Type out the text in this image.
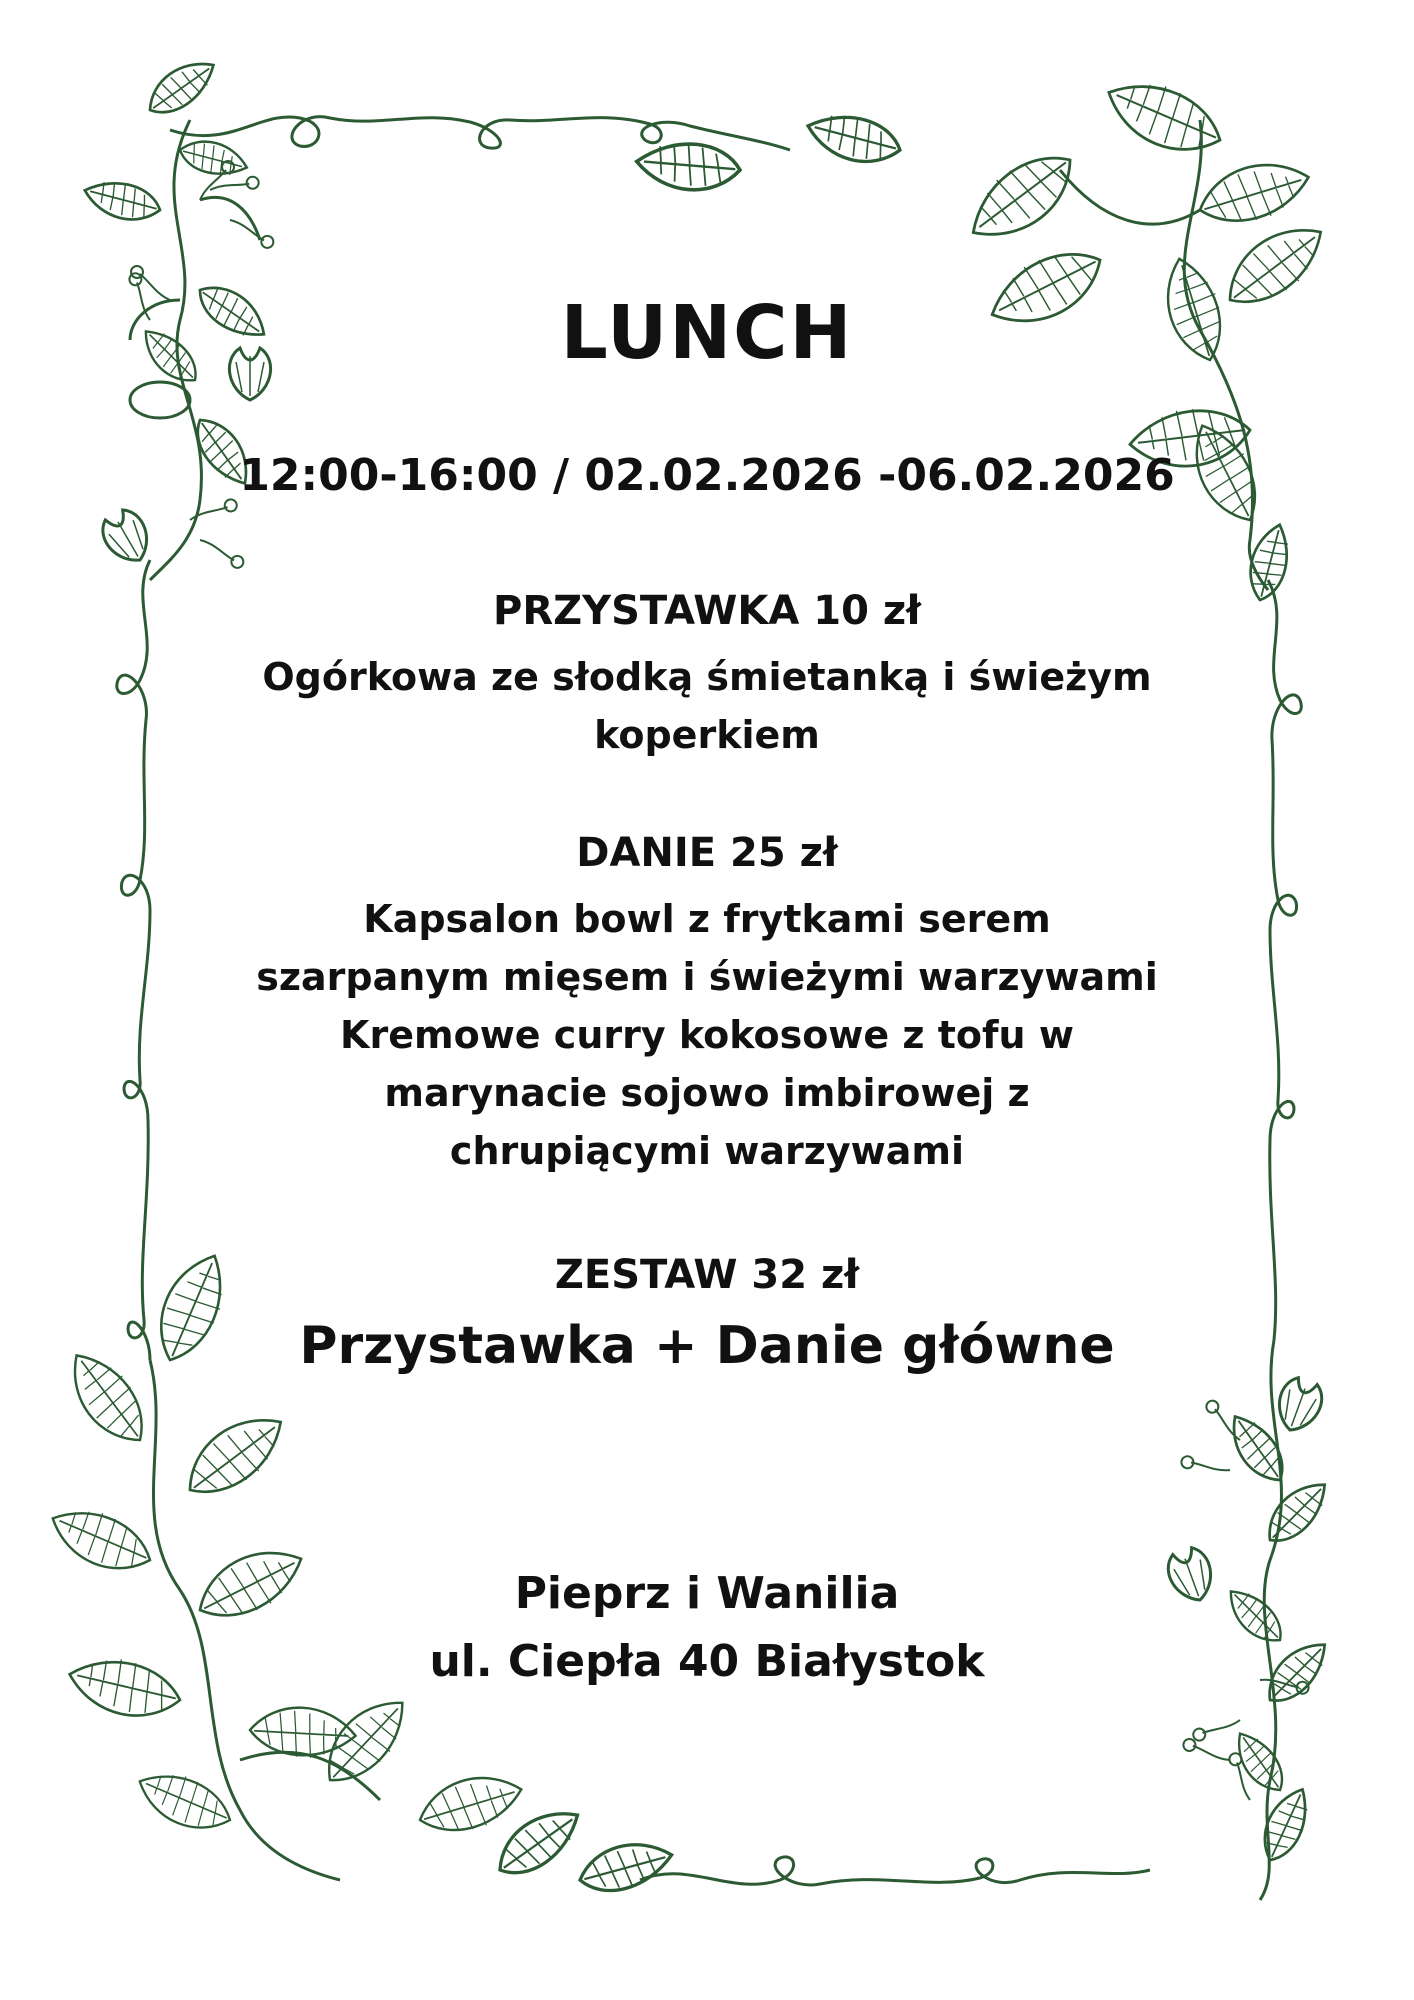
LUNCH

12:00-16:00 / 02.02.2026 -06.02.2026

PRZYSTAWKA 10 zł

Ogórkowa ze słodką śmietanką i świeżym
koperkiem

DANIE 25 zł

Kapsalon bowl z frytkami serem
szarpanym mięsem i świeżymi warzywami
Kremowe curry kokosowe z tofu w
marynacie sojowo imbirowej z
chrupiącymi warzywami

ZESTAW 32 zł

Przystawka + Danie główne

Pieprz i Wanilia
ul. Ciepła 40 Białystok
